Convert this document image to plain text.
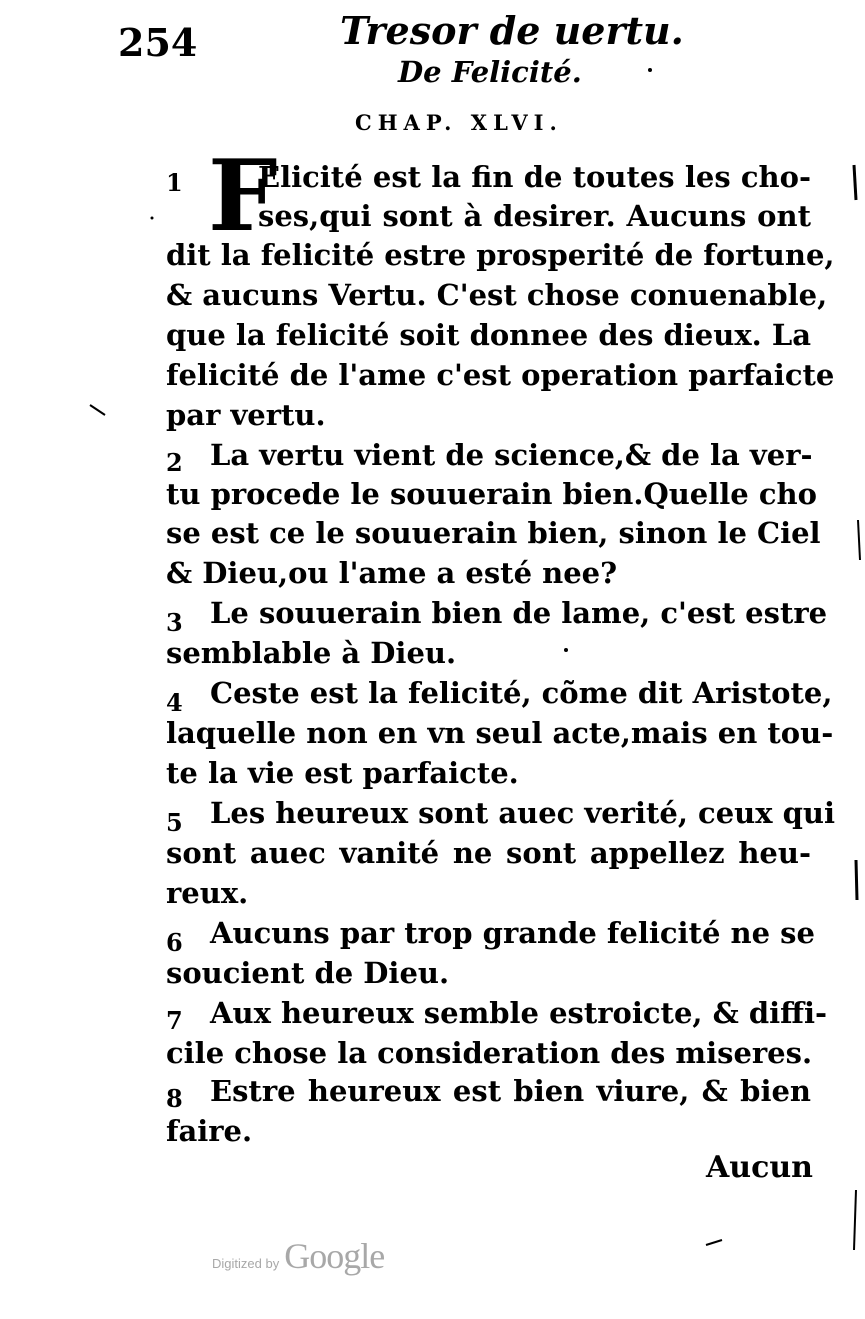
254	Tresor de uertu.
De Felicité.
CHAP. XLVI.
1 F
Elicité est la fin de toutes les cho-
ses,qui sont à desirer. Aucuns ont
dit la felicité estre prosperité de fortune,
& aucuns Vertu. C'est chose conuenable,
que la felicité soit donnee des dieux. La
felicité de l'ame c'est operation parfaicte
par vertu.
2 La vertu vient de science,& de la ver-
tu procede le souuerain bien.Quelle cho
se est ce le souuerain bien, sinon le Ciel
& Dieu,ou l'ame a esté nee?
3 Le souuerain bien de lame, c'est estre
semblable à Dieu.
4 Ceste est la felicité, cõme dit Aristote,
laquelle non en vn seul acte,mais en tou-
te la vie est parfaicte.
5 Les heureux sont auec verité, ceux qui
sont auec vanité ne sont appellez heu-
reux.
6 Aucuns par trop grande felicité ne se
soucient de Dieu.
7 Aux heureux semble estroicte, & diffi-
cile chose la consideration des miseres.
8 Estre heureux est bien viure, & bien
faire.
Aucun
Digitized by Google
